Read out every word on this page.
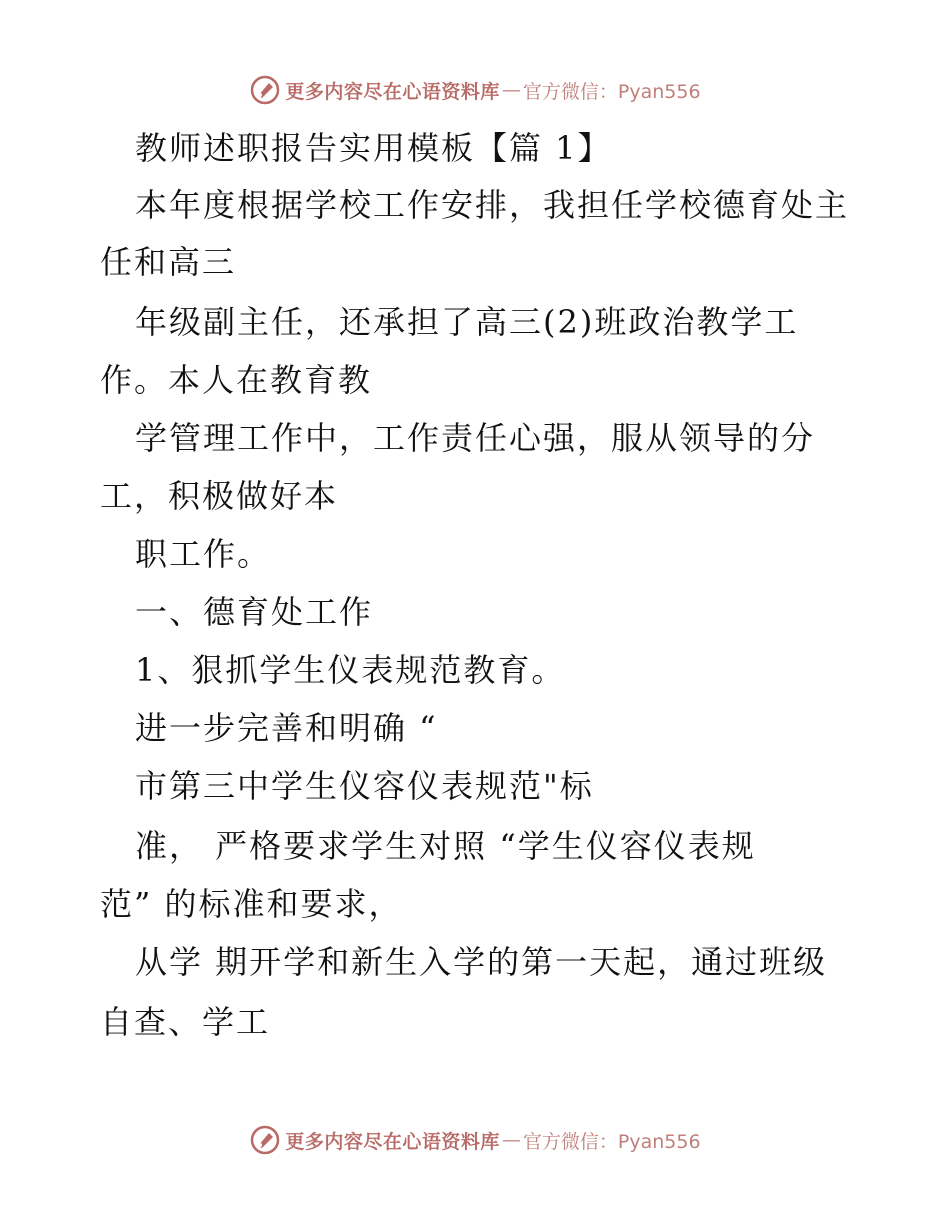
更多内容尽在心语资料库 — 官方微信：Pyan556
教师述职报告实用模板【篇 1】
本年度根据学校工作安排，我担任学校德育处主
任和高三
年级副主任，还承担了高三(2)班政治教学工
作。本人在教育教
学管理工作中，工作责任心强，服从领导的分
工，积极做好本
职工作。
一、德育处工作
1、狠抓学生仪表规范教育。
进一步完善和明确 “
市第三中学生仪容仪表规范"标
准， 严格要求学生对照 “学生仪容仪表规
范” 的标准和要求，
从学 期开学和新生入学的第一天起，通过班级
自查、学工
更多内容尽在心语资料库 — 官方微信：Pyan556
